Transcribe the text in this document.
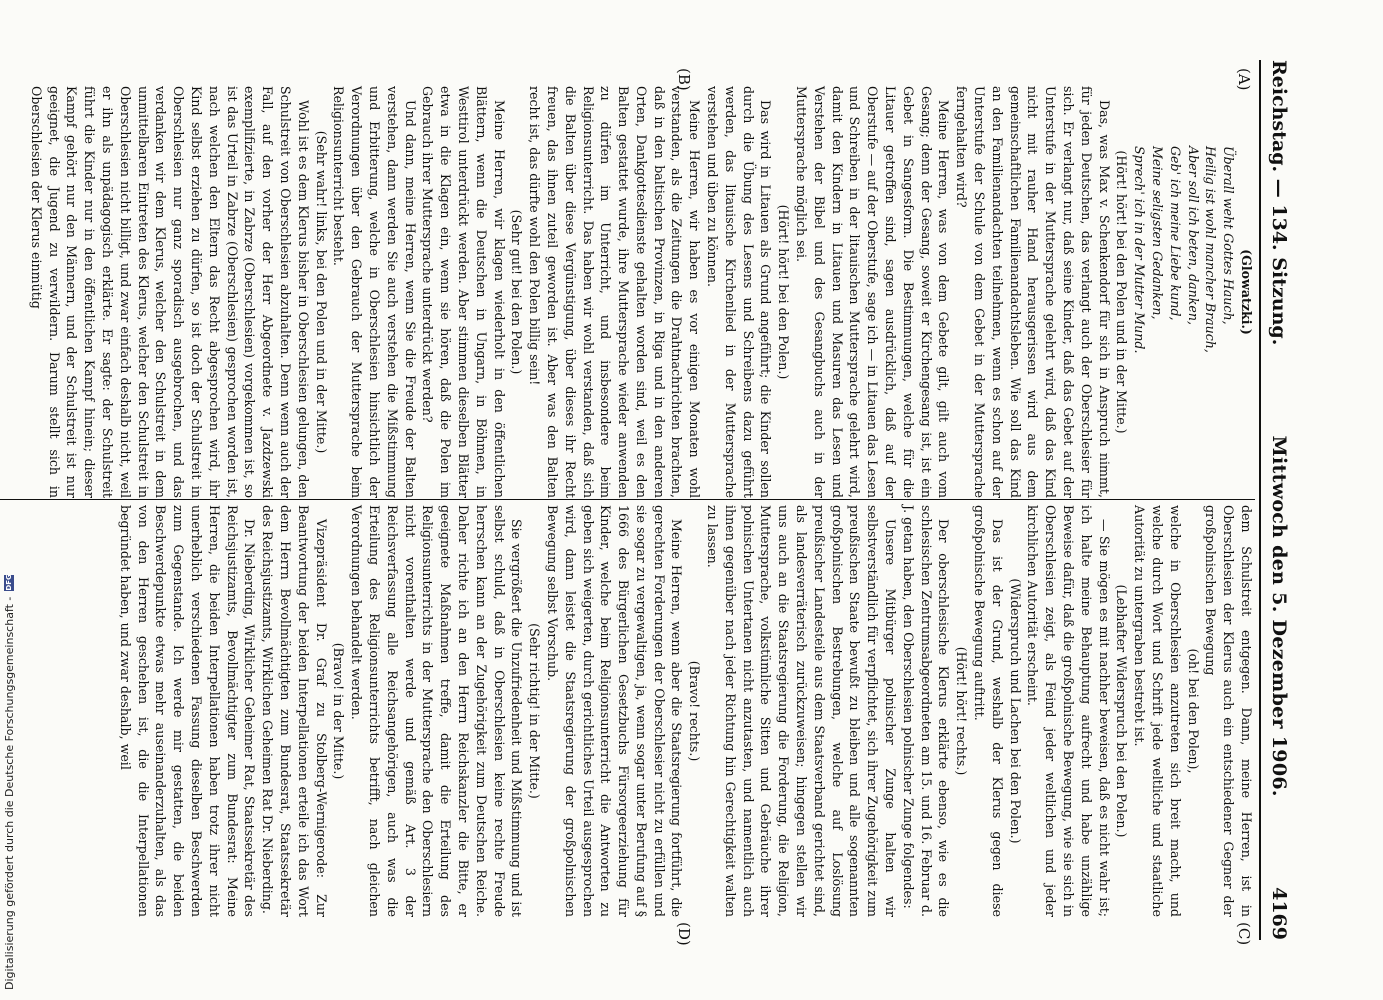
Reichstag. — 134. Sitzung.
Mittwoch den 5. Dezember 1906.
4169
(A)
(B)
(C)
(D)

(Glowatzki.)

Überall weht Gottes Hauch,

Heilig ist wohl mancher Brauch,

Aber soll ich beten, danken,

Geb' ich meine Liebe kund,

Meine seligsten Gedanken,

Sprech' ich in der Mutter Mund.

(Hört! hört! bei den Polen und in der Mitte.)

Das, was Max v. Schenkendorf für sich in Anspruch nimmt, für jeden Deutschen, das verlangt auch der Oberschlesier für sich. Er verlangt nur, daß seine Kinder, daß das Gebet auf der Unterstufe in der Muttersprache gelehrt wird, daß das Kind nicht mit rauher Hand herausgerissen wird aus dem gemeinschaftlichen Familienandachtsleben. Wie soll das Kind an den Familienandachten teilnehmen, wenn es schon auf der Unterstufe der Schule von dem Gebet in der Muttersprache ferngehalten wird?

Meine Herren, was von dem Gebete gilt, gilt auch vom Gesang; denn der Gesang, soweit er Kirchengesang ist, ist ein Gebet in Sangesform. Die Bestimmungen, welche für die Litauer getroffen sind, sagen ausdrücklich, daß auf der Oberstufe — auf der Oberstufe, sage ich — in Litauen das Lesen und Schreiben in der litauischen Muttersprache gelehrt wird, damit den Kindern in Litauen und Masuren das Lesen und Verstehen der Bibel und des Gesangbuchs auch in der Muttersprache möglich sei.

(Hört! hört! bei den Polen.)

Das wird in Litauen als Grund angeführt; die Kinder sollen durch die Übung des Lesens und Schreibens dazu geführt werden, das litauische Kirchenlied in der Muttersprache verstehen und üben zu können.

Meine Herren, wir haben es vor einigen Monaten wohl verstanden, als die Zeitungen die Drahtnachrichten brachten, daß in den baltischen Provinzen, in Riga und in den anderen Orten, Dankgottesdienste gehalten worden sind, weil es den Balten gestattet wurde, ihre Muttersprache wieder anwenden zu dürfen im Unterricht, und insbesondere beim Religionsunterricht. Das haben wir wohl verstanden, daß sich die Balten über diese Vergünstigung, über dieses ihr Recht freuen, das ihnen zuteil geworden ist. Aber was den Balten recht ist, das dürfte wohl den Polen billig sein!

(Sehr gut! bei den Polen.)

Meine Herren, wir klagen wiederholt in den öffentlichen Blättern, wenn die Deutschen in Ungarn, in Böhmen, in Westtirol unterdrückt werden. Aber stimmen dieselben Blätter etwa in die Klagen ein, wenn sie hören, daß die Polen im Gebrauch ihrer Muttersprache unterdrückt werden?

Und dann, meine Herren, wenn Sie die Freude der Balten verstehen, dann werden Sie auch verstehen die Mißstimmung und Erbitterung, welche in Oberschlesien hinsichtlich der Verordnungen über den Gebrauch der Muttersprache beim Religionsunterricht besteht.

(Sehr wahr! links, bei den Polen und in der Mitte.)

Wohl ist es dem Klerus bisher in Oberschlesien gelungen, den Schulstreit von Oberschlesien abzuhalten. Denn wenn auch der Fall, auf den vorher der Herr Abgeordnete v. Jazdzewski exemplifizierte, in Zabrze (Oberschlesien) vorgekommen ist, so ist das Urteil in Zabrze (Oberschlesien) gesprochen worden ist, nach welchen den Eltern das Recht abgesprochen wird, ihr Kind selbst erziehen zu dürfen, so ist doch der Schulstreit in Oberschlesien nur ganz sporadisch ausgebrochen, und das verdanken wir dem Klerus, welcher den Schulstreit in dem unmittelbaren Eintreten des Klerus, welcher den Schulstreit in Oberschlesien nicht billigt, und zwar einfach deshalb nicht, weil er ihn als unpädagogisch erklärte. Er sagte: der Schulstreit führt die Kinder nur in den öffentlichen Kampf hinein; dieser Kampf gehört nur den Männern, und der Schulstreit ist nur geeignet, die Jugend zu verwildern. Darum stellt sich in Oberschlesien der Klerus einmütig

dem Schulstreit entgegen. Dann, meine Herren, ist in Oberschlesien der Klerus auch ein entschiedener Gegner der großpolnischen Bewegung

(oh! bei den Polen),

welche in Oberschlesien anzutreten sich breit macht, und welche durch Wort und Schrift jede weltliche und staatliche Autorität zu untergraben bestrebt ist.

(Lebhafter Widerspruch bei den Polen.)

— Sie mögen es mit nachher beweisen, daß es nicht wahr ist; ich halte meine Behauptung aufrecht und habe unzählige Beweise dafür, daß die großpolnische Bewegung, wie sie sich in Oberschlesien zeigt, als Feind jeder weltlichen und jeder kirchlichen Autorität erscheint.

(Widerspruch und Lachen bei den Polen.)

Das ist der Grund, weshalb der Klerus gegen diese großpolnische Bewegung auftritt.

(Hört! hört! rechts.)

Der oberschlesische Klerus erklärte ebenso, wie es die schlesischen Zentrumsabgeordneten am 15. und 16. Februar d. J. getan haben, den Oberschlesien polnischer Zunge folgendes:

Unsere Mitbürger polnischer Zunge halten wir selbstverständlich für verpflichtet, sich ihrer Zugehörigkeit zum preußischen Staate bewußt zu bleiben und alle sogenannten großpolnischen Bestrebungen, welche auf Loslösung preußischer Landesteile aus dem Staatsverband gerichtet sind, als landesverräterisch zurückzuweisen; hingegen stellen wir uns auch an die Staatsregierung die Forderung, die Religion, Muttersprache, volkstümliche Sitten und Gebräuche ihrer polnischen Untertanen nicht anzutasten, und namentlich auch ihnen gegenüber nach jeder Richtung hin Gerechtigkeit walten zu lassen.

(Bravo! rechts.)

Meine Herren, wenn aber die Staatsregierung fortführt, die gerechten Forderungen der Oberschlesier nicht zu erfüllen und sie sogar zu vergewaltigen, ja, wenn sogar unter Berufung auf § 1666 des Bürgerlichen Gesetzbuchs Fürsorgeerziehung für Kinder, welche beim Religionsunterricht die Antworten zu geben sich weigerten, durch gerichtliches Urteil ausgesprochen wird, dann leistet die Staatsregierung der großpolnischen Bewegung selbst Vorschub.

(Sehr richtig! in der Mitte.)

Sie vergrößert die Unzufriedenheit und Mißstimmung und ist selbst schuld, daß in Oberschlesien keine rechte Freude herrschen kann an der Zugehörigkeit zum Deutschen Reiche. Daher richte ich an den Herrn Reichskanzler die Bitte, er geeignete Maßnahmen treffe, damit die Erteilung des Religionsunterrichts in der Muttersprache den Oberschlesiern nicht vorenthalten werde und gemäß Art. 3 der Reichsverfassung alle Reichsangehörigen, auch was die Erteilung des Religionsunterrichts betrifft, nach gleichen Verordnungen behandelt werden.

(Bravo! in der Mitte.)

Vizepräsident Dr. Graf zu Stolberg-Wernigerode: Zur Beantwortung der beiden Interpellationen erteile ich das Wort dem Herrn Bevollmächtigten zum Bundesrat, Staatssekretär des Reichsjustizamts, Wirklichen Geheimen Rat Dr. Nieberding.

Dr. Nieberding, Wirklicher Geheimer Rat, Staatssekretär des Reichsjustizamts, Bevollmächtigter zum Bundesrat: Meine Herren, die beiden Interpellationen haben trotz ihrer nicht unerheblich verschiedenen Fassung dieselben Beschwerden zum Gegenstande. Ich werde mir gestatten, die beiden Beschwerdepunkte etwas mehr auseinanderzuhalten, als das von den Herren geschehen ist, die die Interpellationen begründet haben, und zwar deshalb, weil

Digitalisierung gefördert durch die Deutsche Forschungsgemeinschaft -
DFG
